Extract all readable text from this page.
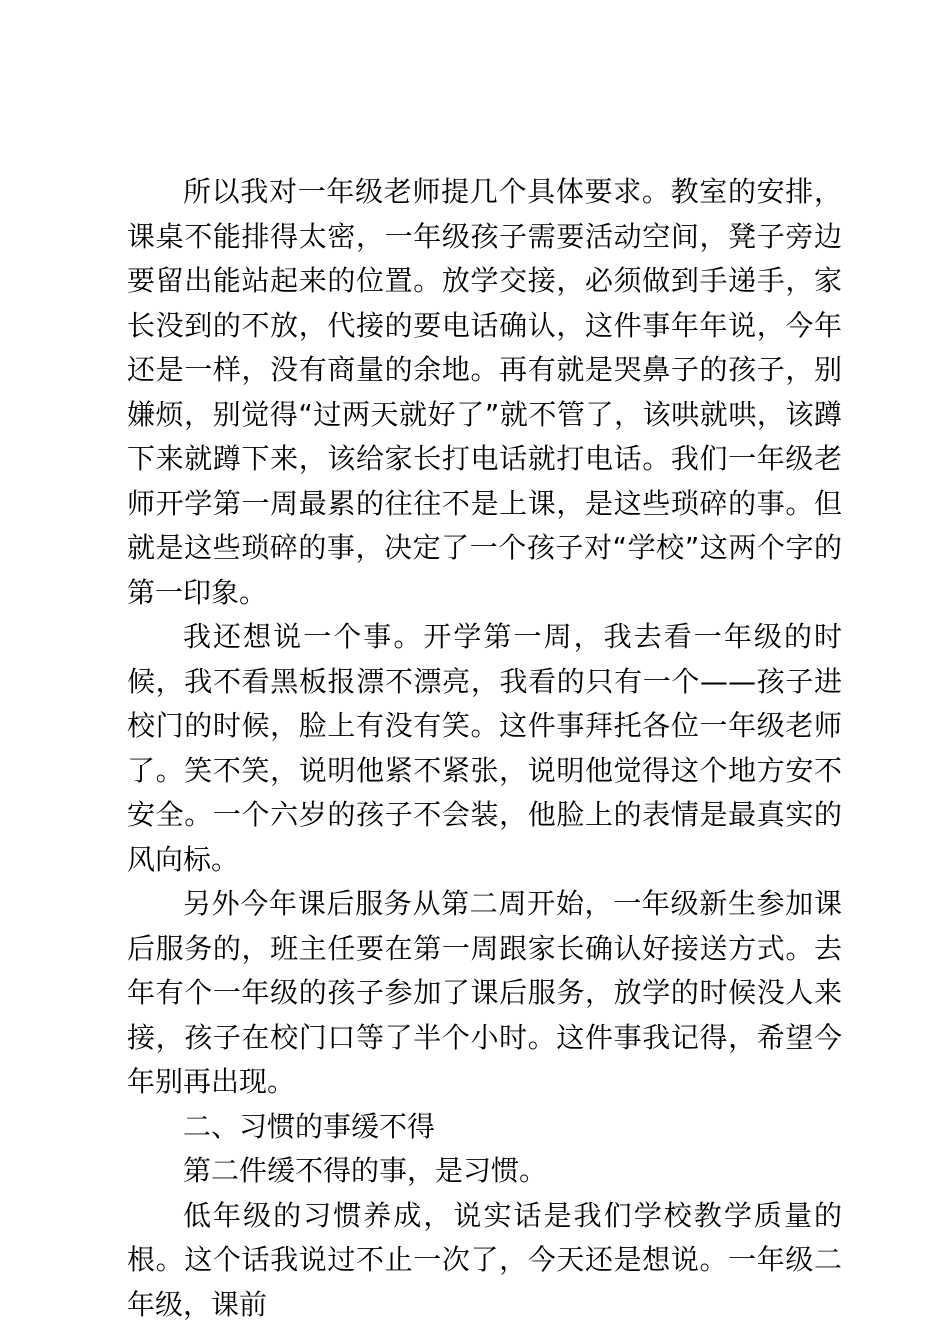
所以我对一年级老师提几个具体要求。教室的安排，课桌不能排得太密，一年级孩子需要活动空间，凳子旁边要留出能站起来的位置。放学交接，必须做到手递手，家长没到的不放，代接的要电话确认，这件事年年说，今年还是一样，没有商量的余地。再有就是哭鼻子的孩子，别嫌烦，别觉得“过两天就好了”就不管了，该哄就哄，该蹲下来就蹲下来，该给家长打电话就打电话。我们一年级老师开学第一周最累的往往不是上课，是这些琐碎的事。但就是这些琐碎的事，决定了一个孩子对“学校”这两个字的第一印象。

我还想说一个事。开学第一周，我去看一年级的时候，我不看黑板报漂不漂亮，我看的只有一个——孩子进校门的时候，脸上有没有笑。这件事拜托各位一年级老师了。笑不笑，说明他紧不紧张，说明他觉得这个地方安不安全。一个六岁的孩子不会装，他脸上的表情是最真实的风向标。

另外今年课后服务从第二周开始，一年级新生参加课后服务的，班主任要在第一周跟家长确认好接送方式。去年有个一年级的孩子参加了课后服务，放学的时候没人来接，孩子在校门口等了半个小时。这件事我记得，希望今年别再出现。

二、习惯的事缓不得

第二件缓不得的事，是习惯。

低年级的习惯养成，说实话是我们学校教学质量的根。这个话我说过不止一次了，今天还是想说。一年级二年级，课前
